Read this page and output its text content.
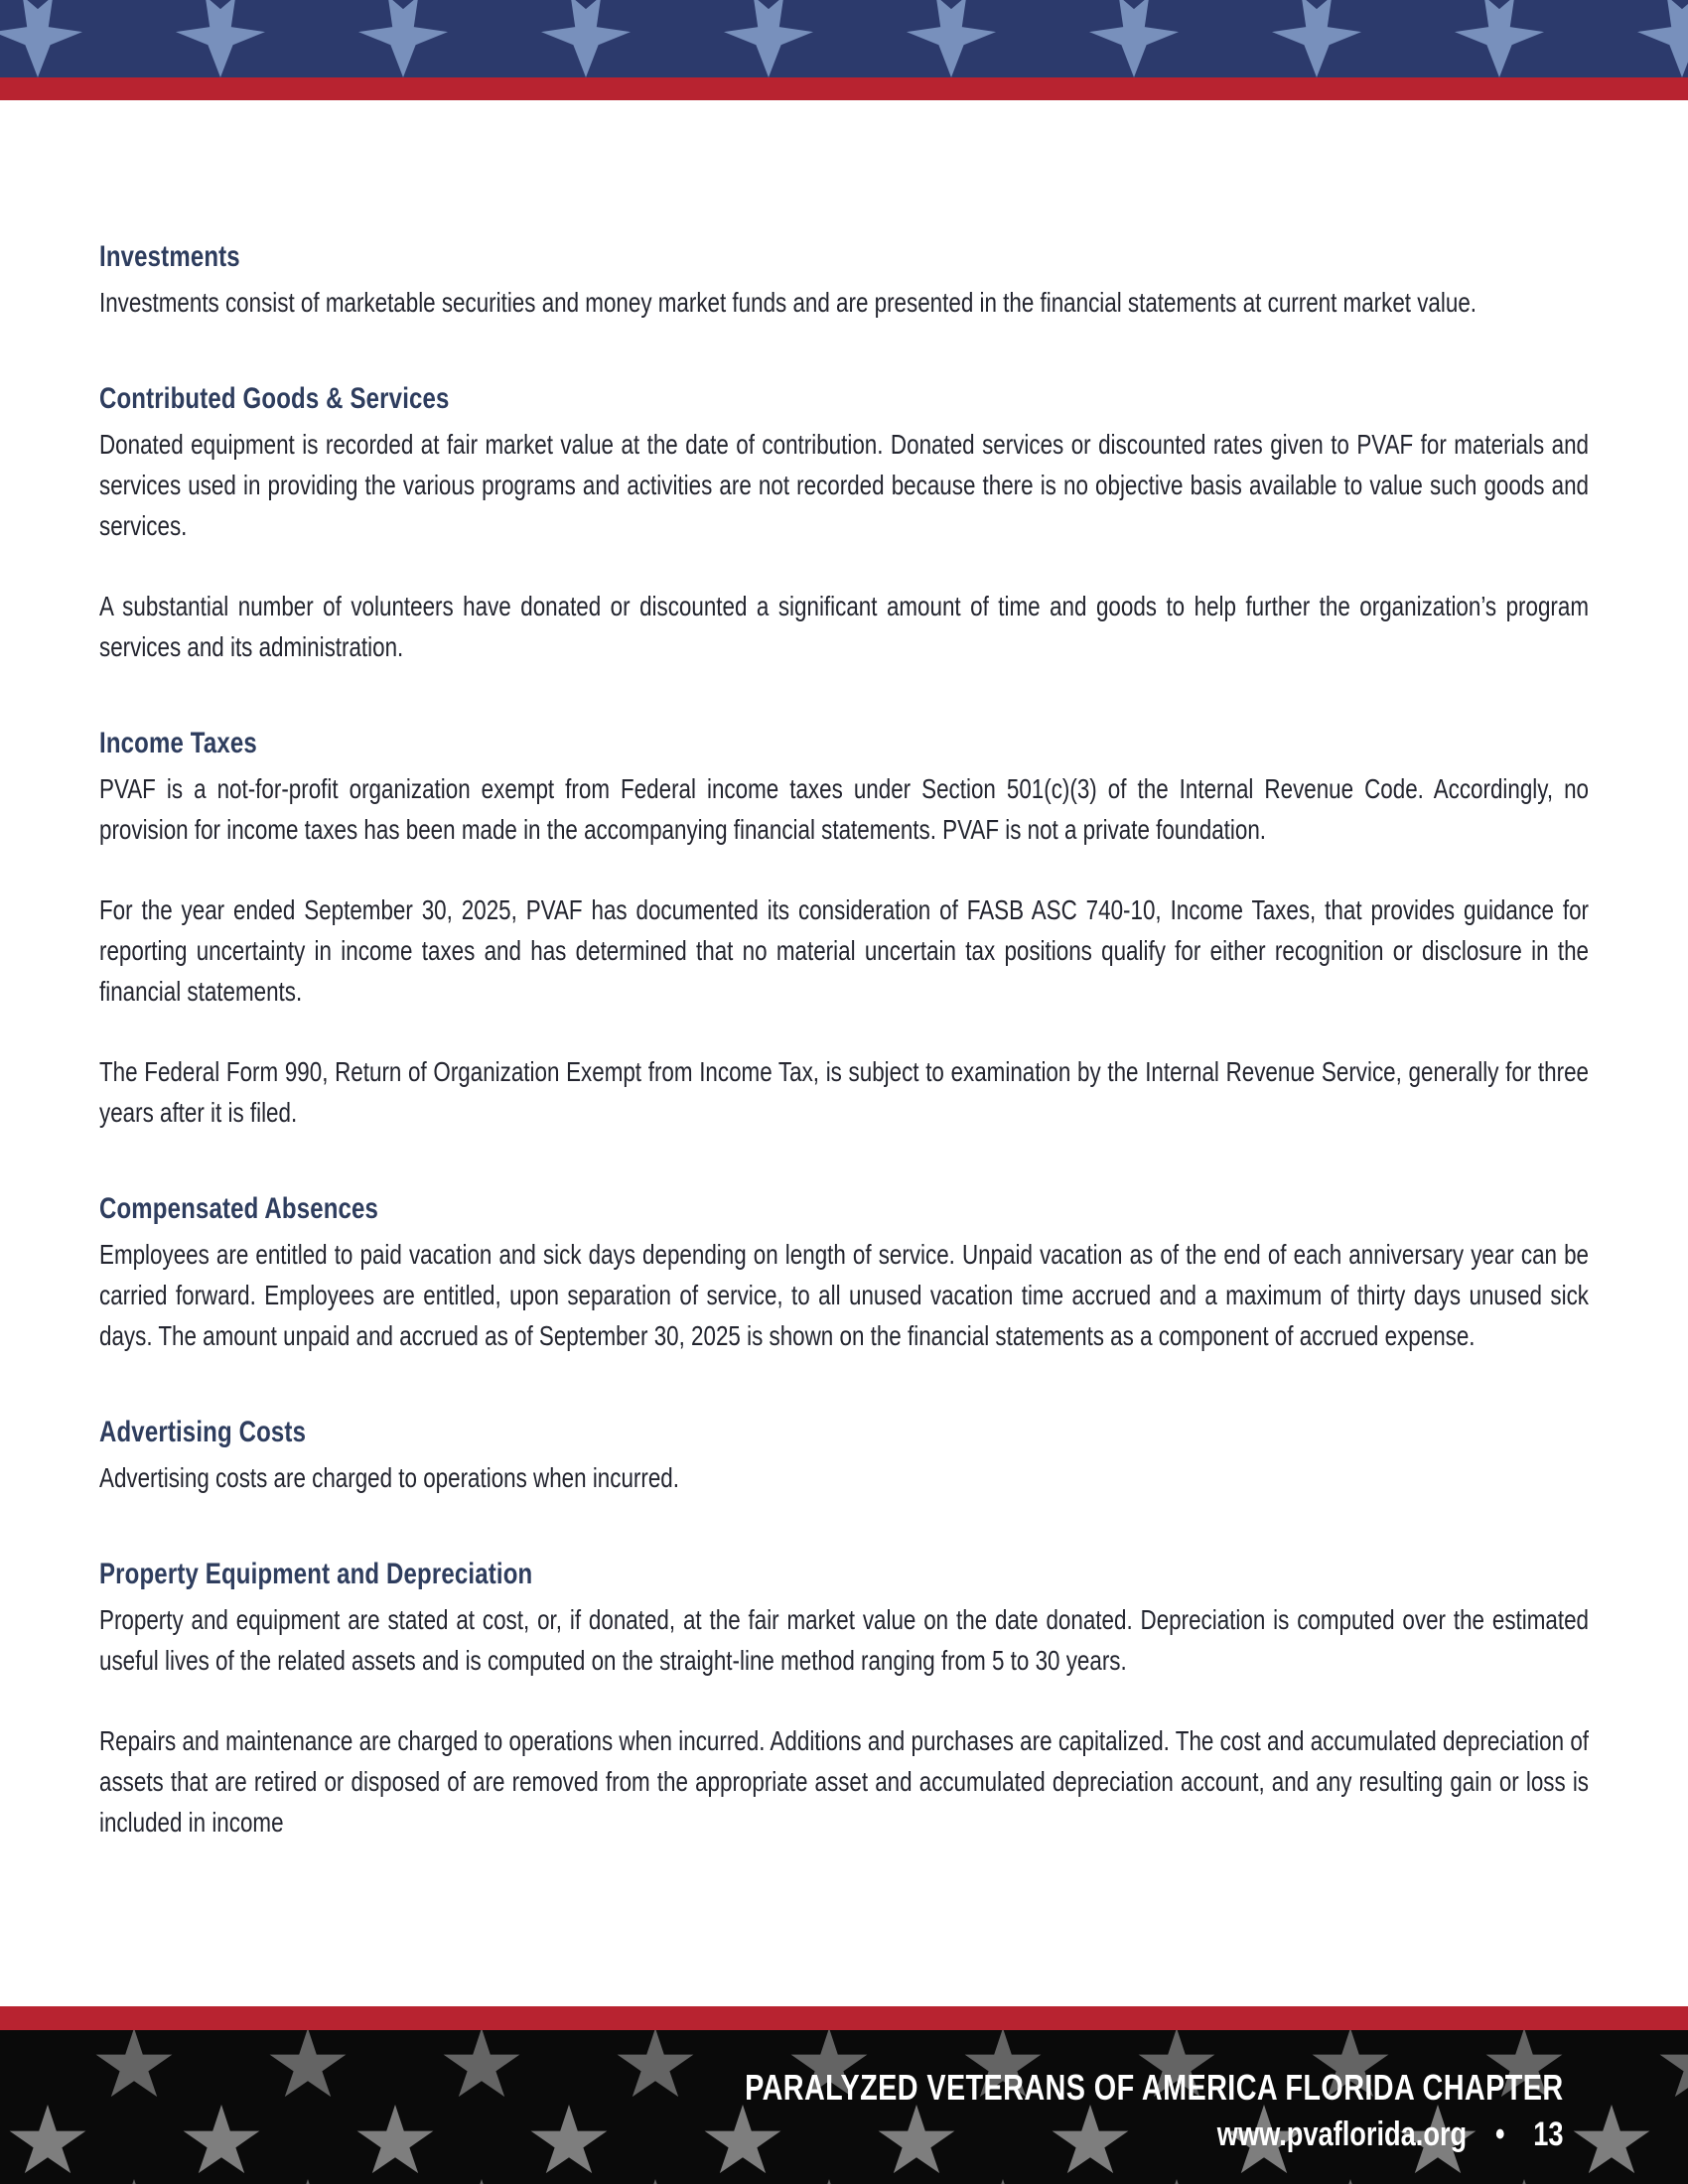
Investments

Investments consist of marketable securities and money market funds and are presented in the financial statements at current market value.

Contributed Goods & Services

Donated equipment is recorded at fair market value at the date of contribution. Donated services or discounted rates given to PVAF for materials and services used in providing the various programs and activities are not recorded because there is no objective basis available to value such goods and services.

A substantial number of volunteers have donated or discounted a significant amount of time and goods to help further the organization’s program services and its administration.

Income Taxes

PVAF is a not-for-profit organization exempt from Federal income taxes under Section 501(c)(3) of the Internal Revenue Code. Accordingly, no provision for income taxes has been made in the accompanying financial statements. PVAF is not a private foundation.

For the year ended September 30, 2025, PVAF has documented its consideration of FASB ASC 740-10, Income Taxes, that provides guidance for reporting uncertainty in income taxes and has determined that no material uncertain tax positions qualify for either recognition or disclosure in the financial statements.

The Federal Form 990, Return of Organization Exempt from Income Tax, is subject to examination by the Internal Revenue Service, generally for three years after it is filed.

Compensated Absences

Employees are entitled to paid vacation and sick days depending on length of service. Unpaid vacation as of the end of each anniversary year can be carried forward. Employees are entitled, upon separation of service, to all unused vacation time accrued and a maximum of thirty days unused sick days. The amount unpaid and accrued as of September 30, 2025 is shown on the financial statements as a component of accrued expense.

Advertising Costs

Advertising costs are charged to operations when incurred.

Property Equipment and Depreciation

Property and equipment are stated at cost, or, if donated, at the fair market value on the date donated. Depreciation is computed over the estimated useful lives of the related assets and is computed on the straight-line method ranging from 5 to 30 years.

Repairs and maintenance are charged to operations when incurred. Additions and purchases are capitalized. The cost and accumulated depreciation of assets that are retired or disposed of are removed from the appropriate asset and accumulated depreciation account, and any resulting gain or loss is included in income

PARALYZED VETERANS OF AMERICA FLORIDA CHAPTER
www.pvaflorida.org • 13
